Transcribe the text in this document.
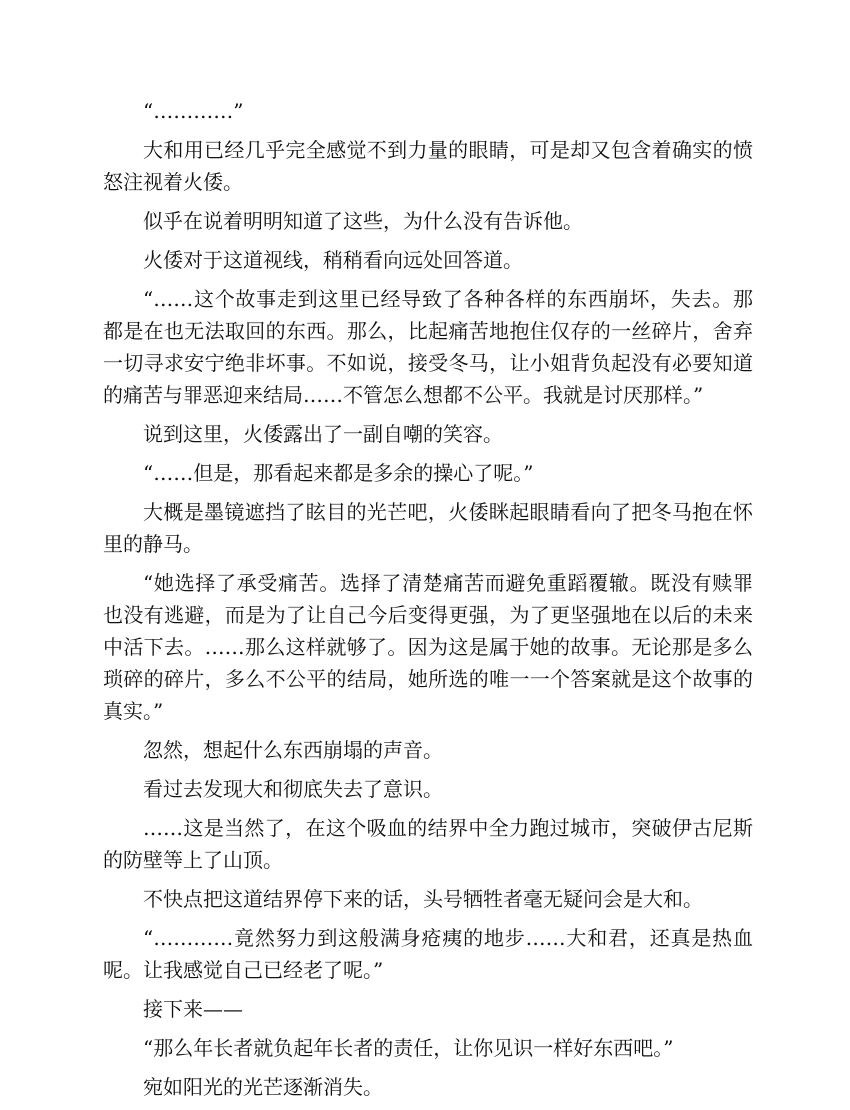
“…………”

大和用已经几乎完全感觉不到力量的眼睛，可是却又包含着确实的愤怒注视着火倭。

似乎在说着明明知道了这些，为什么没有告诉他。

火倭对于这道视线，稍稍看向远处回答道。

“……这个故事走到这里已经导致了各种各样的东西崩坏，失去。那都是在也无法取回的东西。那么，比起痛苦地抱住仅存的一丝碎片，舍弃一切寻求安宁绝非坏事。不如说，接受冬马，让小姐背负起没有必要知道的痛苦与罪恶迎来结局……不管怎么想都不公平。我就是讨厌那样。”

说到这里，火倭露出了一副自嘲的笑容。

“……但是，那看起来都是多余的操心了呢。”

大概是墨镜遮挡了眩目的光芒吧，火倭眯起眼睛看向了把冬马抱在怀里的静马。

“她选择了承受痛苦。选择了清楚痛苦而避免重蹈覆辙。既没有赎罪也没有逃避，而是为了让自己今后变得更强，为了更坚强地在以后的未来中活下去。……那么这样就够了。因为这是属于她的故事。无论那是多么琐碎的碎片，多么不公平的结局，她所选的唯一一个答案就是这个故事的真实。”

忽然，想起什么东西崩塌的声音。

看过去发现大和彻底失去了意识。

……这是当然了，在这个吸血的结界中全力跑过城市，突破伊古尼斯的防壁等上了山顶。

不快点把这道结界停下来的话，头号牺牲者毫无疑问会是大和。

“…………竟然努力到这般满身疮痍的地步……大和君，还真是热血呢。让我感觉自己已经老了呢。”

接下来——

“那么年长者就负起年长者的责任，让你见识一样好东西吧。”

宛如阳光的光芒逐渐消失。
